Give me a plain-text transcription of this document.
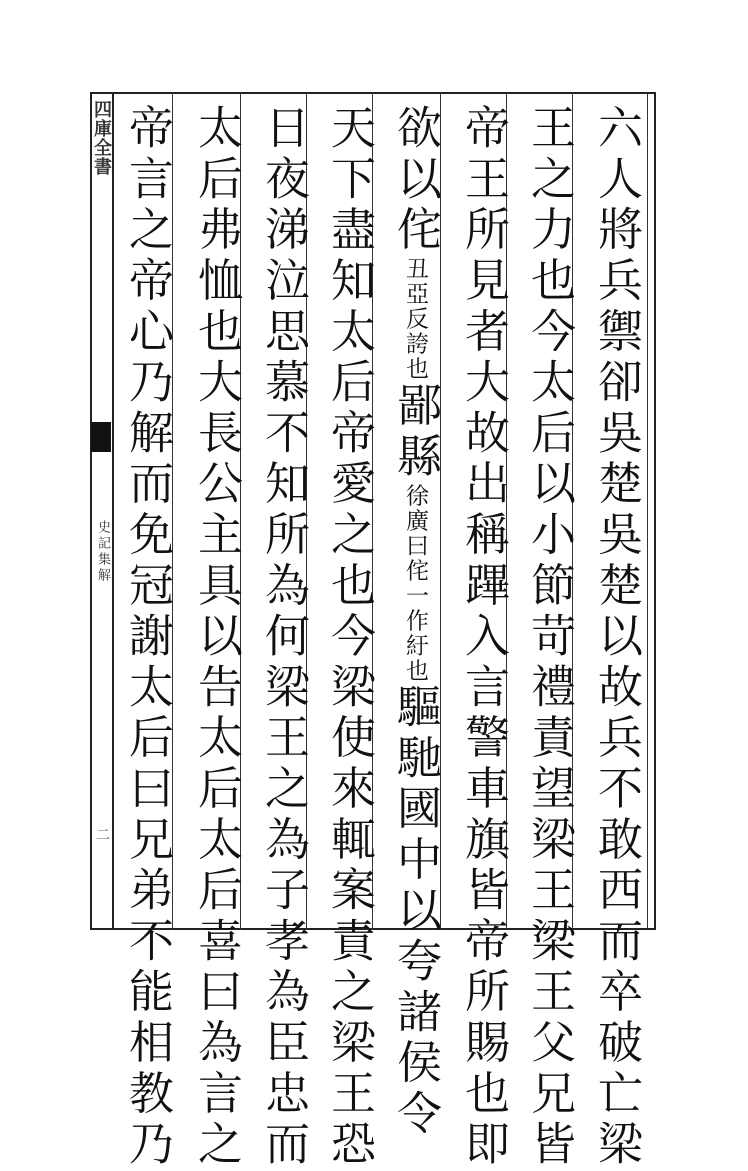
四庫全書
史記集解
二	六人將兵禦卻吳楚吳楚以故兵不敢西而卒破亡梁
王之力也今太后以小節苛禮責望梁王梁王父兄皆
帝王所見者大故出稱蹕入言警車旗皆帝所賜也即
欲以侘丑亞反誇也鄙縣徐廣曰侘一作紆也驅馳國中以夸諸侯令
天下盡知太后帝愛之也今梁使來輒案責之梁王恐
日夜涕泣思慕不知所為何梁王之為子孝為臣忠而
太后弗恤也大長公主具以告太后太后喜曰為言之
帝言之帝心乃解而免冠謝太后曰兄弟不能相教乃
